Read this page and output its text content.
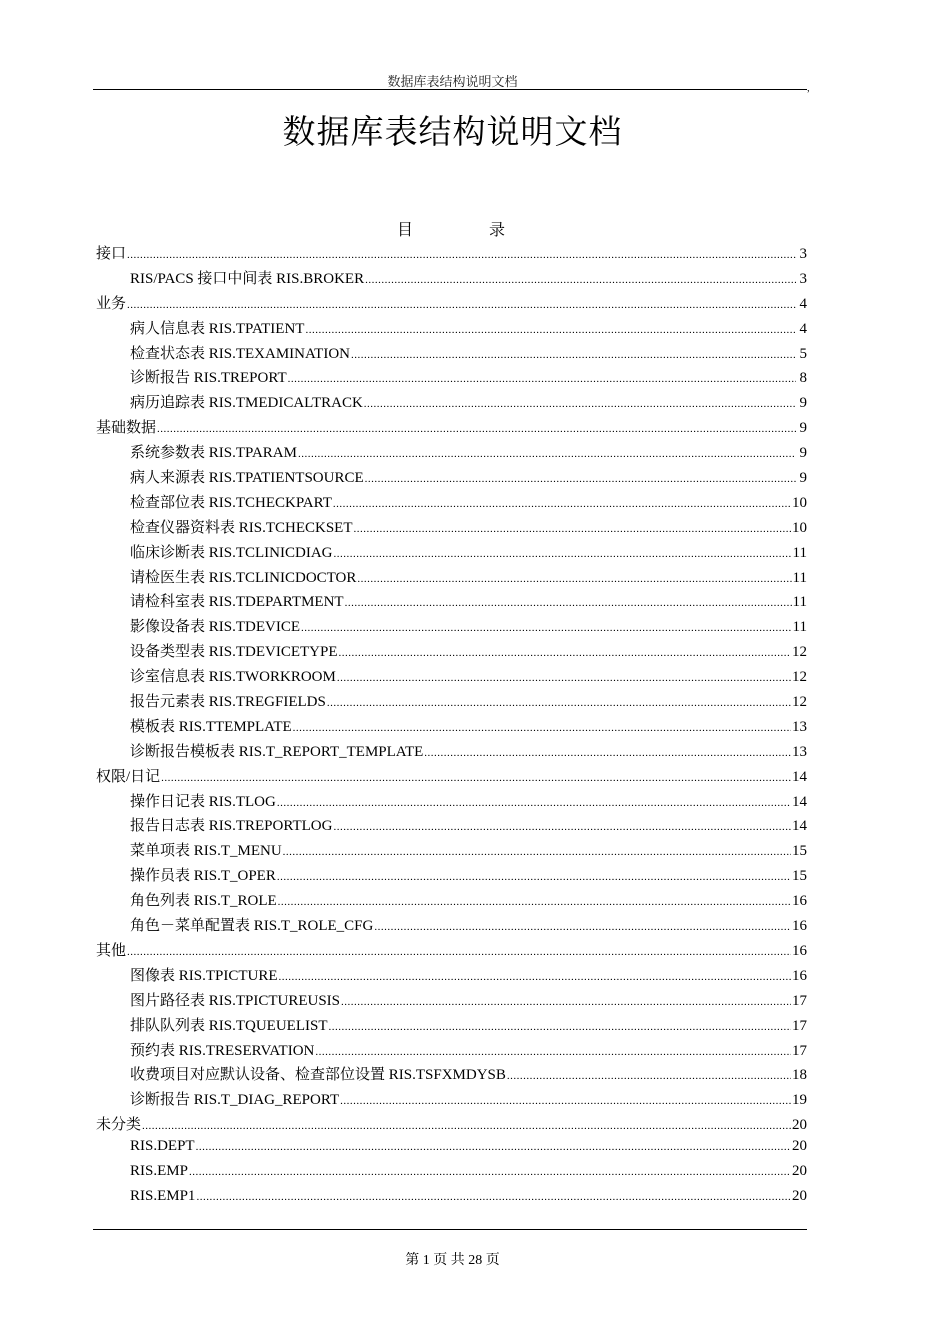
数据库表结构说明文档	,
数据库表结构说明文档
目	录
接口 .....	3
RIS/PACS 接口中间表 RIS.BROKER .....	3
业务 .....	4
病人信息表 RIS.TPATIENT .....	4
检查状态表 RIS.TEXAMINATION .....	5
诊断报告 RIS.TREPORT .....	8
病历追踪表 RIS.TMEDICALTRACK .....	9
基础数据 .....	9
系统参数表 RIS.TPARAM .....	9
病人来源表 RIS.TPATIENTSOURCE .....	9
检查部位表 RIS.TCHECKPART .....	10
检查仪器资料表 RIS.TCHECKSET .....	10
临床诊断表 RIS.TCLINICDIAG .....	11
请检医生表 RIS.TCLINICDOCTOR .....	11
请检科室表 RIS.TDEPARTMENT .....	11
影像设备表 RIS.TDEVICE .....	11
设备类型表 RIS.TDEVICETYPE .....	12
诊室信息表 RIS.TWORKROOM .....	12
报告元素表 RIS.TREGFIELDS .....	12
模板表 RIS.TTEMPLATE .....	13
诊断报告模板表 RIS.T_REPORT_TEMPLATE .....	13
权限/日记 .....	14
操作日记表 RIS.TLOG .....	14
报告日志表 RIS.TREPORTLOG .....	14
菜单项表 RIS.T_MENU .....	15
操作员表 RIS.T_OPER .....	15
角色列表 RIS.T_ROLE .....	16
角色－菜单配置表 RIS.T_ROLE_CFG .....	16
其他 .....	16
图像表 RIS.TPICTURE .....	16
图片路径表 RIS.TPICTUREUSIS .....	17
排队队列表 RIS.TQUEUELIST .....	17
预约表 RIS.TRESERVATION .....	17
收费项目对应默认设备、检查部位设置 RIS.TSFXMDYSB .....	18
诊断报告 RIS.T_DIAG_REPORT .....	19
未分类 .....	20
RIS.DEPT .....	20
RIS.EMP .....	20
RIS.EMP1 .....	20
第 1 页 共 28 页
